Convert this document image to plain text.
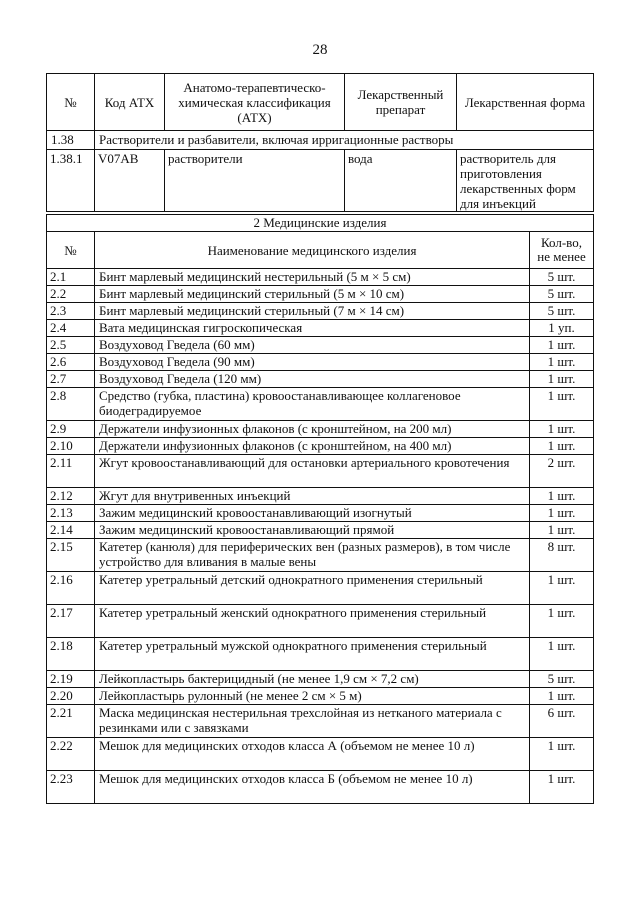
28
№	Код АТХ	Анатомо-терапевтическо-химическая классификация (АТХ)	Лекарственный препарат	Лекарственная форма
1.38	Растворители и разбавители, включая ирригационные растворы			
1.38.1	V07AB	растворители	вода	растворитель для приготовления лекарственных форм для инъекций
2 Медицинские изделия		
№	Наименование медицинского изделия	Кол-во,
не менее
2.1	Бинт марлевый медицинский нестерильный (5 м × 5 см)	5 шт.
2.2	Бинт марлевый медицинский стерильный (5 м × 10 см)	5 шт.
2.3	Бинт марлевый медицинский стерильный (7 м × 14 см)	5 шт.
2.4	Вата медицинская гигроскопическая	1 уп.
2.5	Воздуховод Гведела (60 мм)	1 шт.
2.6	Воздуховод Гведела (90 мм)	1 шт.
2.7	Воздуховод Гведела (120 мм)	1 шт.
2.8	Средство (губка, пластина) кровоостанавливающее коллагеновое биодеградируемое	1 шт.
2.9	Держатели инфузионных флаконов (с кронштейном, на 200 мл)	1 шт.
2.10	Держатели инфузионных флаконов (с кронштейном, на 400 мл)	1 шт.
2.11	Жгут кровоостанавливающий для остановки артериального кровотечения	2 шт.
2.12	Жгут для внутривенных инъекций	1 шт.
2.13	Зажим медицинский кровоостанавливающий изогнутый	1 шт.
2.14	Зажим медицинский кровоостанавливающий прямой	1 шт.
2.15	Катетер (канюля) для периферических вен (разных размеров), в том числе устройство для вливания в малые вены	8 шт.
2.16	Катетер уретральный детский однократного применения стерильный	1 шт.
2.17	Катетер уретральный женский однократного применения стерильный	1 шт.
2.18	Катетер уретральный мужской однократного применения стерильный	1 шт.
2.19	Лейкопластырь бактерицидный (не менее 1,9 см × 7,2 см)	5 шт.
2.20	Лейкопластырь рулонный (не менее 2 см × 5 м)	1 шт.
2.21	Маска медицинская нестерильная трехслойная из нетканого материала с резинками или с завязками	6 шт.
2.22	Мешок для медицинских отходов класса А (объемом не менее 10 л)	1 шт.
2.23	Мешок для медицинских отходов класса Б (объемом не менее 10 л)	1 шт.
